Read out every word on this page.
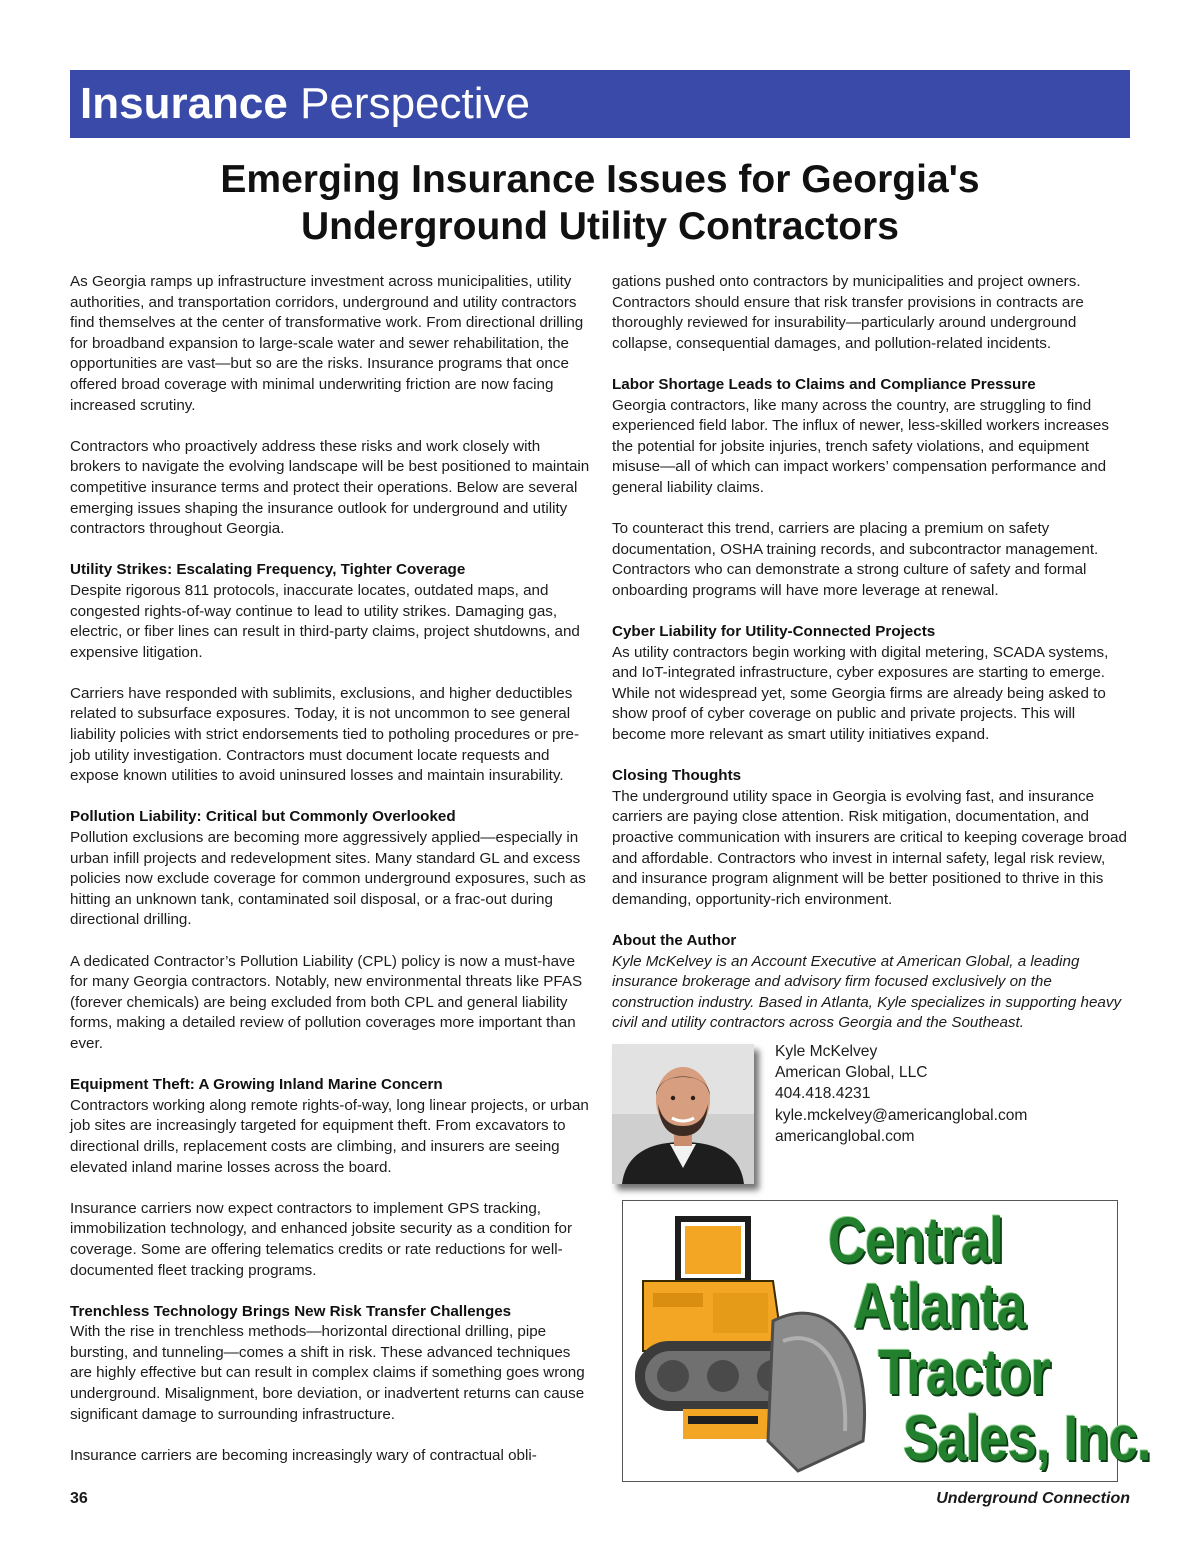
Insurance Perspective
Emerging Insurance Issues for Georgia's
Underground Utility Contractors

As Georgia ramps up infrastructure investment across municipalities, utility authorities, and transportation corridors, underground and utility contractors find themselves at the center of transformative work. From directional drilling for broadband expansion to large-scale water and sewer rehabilitation, the opportunities are vast—but so are the risks. Insurance programs that once offered broad coverage with minimal underwriting friction are now facing increased scrutiny.

Contractors who proactively address these risks and work closely with brokers to navigate the evolving landscape will be best positioned to maintain competitive insurance terms and protect their operations. Below are several emerging issues shaping the insurance outlook for underground and utility contractors throughout Georgia.

Utility Strikes: Escalating Frequency, Tighter Coverage

Despite rigorous 811 protocols, inaccurate locates, outdated maps, and congested rights-of-way continue to lead to utility strikes. Damaging gas, electric, or fiber lines can result in third-party claims, project shutdowns, and expensive litigation.

Carriers have responded with sublimits, exclusions, and higher deductibles related to subsurface exposures. Today, it is not uncommon to see general liability policies with strict endorsements tied to potholing procedures or pre-job utility investigation. Contractors must document locate requests and expose known utilities to avoid uninsured losses and maintain insurability.

Pollution Liability: Critical but Commonly Overlooked

Pollution exclusions are becoming more aggressively applied—especially in urban infill projects and redevelopment sites. Many standard GL and excess policies now exclude coverage for common underground exposures, such as hitting an unknown tank, contaminated soil disposal, or a frac-out during directional drilling.

A dedicated Contractor’s Pollution Liability (CPL) policy is now a must-have for many Georgia contractors. Notably, new environmental threats like PFAS (forever chemicals) are being excluded from both CPL and general liability forms, making a detailed review of pollution coverages more important than ever.

Equipment Theft: A Growing Inland Marine Concern

Contractors working along remote rights-of-way, long linear projects, or urban job sites are increasingly targeted for equipment theft. From excavators to directional drills, replacement costs are climbing, and insurers are seeing elevated inland marine losses across the board.

Insurance carriers now expect contractors to implement GPS tracking, immobilization technology, and enhanced jobsite security as a condition for coverage. Some are offering telematics credits or rate reductions for well-documented fleet tracking programs.

Trenchless Technology Brings New Risk Transfer Challenges

With the rise in trenchless methods—horizontal directional drilling, pipe bursting, and tunneling—comes a shift in risk. These advanced techniques are highly effective but can result in complex claims if something goes wrong underground. Misalignment, bore deviation, or inadvertent returns can cause significant damage to surrounding infrastructure.

Insurance carriers are becoming increasingly wary of contractual obli-

gations pushed onto contractors by municipalities and project owners. Contractors should ensure that risk transfer provisions in contracts are thoroughly reviewed for insurability—particularly around underground collapse, consequential damages, and pollution-related incidents.

Labor Shortage Leads to Claims and Compliance Pressure

Georgia contractors, like many across the country, are struggling to find experienced field labor. The influx of newer, less-skilled workers increases the potential for jobsite injuries, trench safety violations, and equipment misuse—all of which can impact workers’ compensation performance and general liability claims.

To counteract this trend, carriers are placing a premium on safety documentation, OSHA training records, and subcontractor management. Contractors who can demonstrate a strong culture of safety and formal onboarding programs will have more leverage at renewal.

Cyber Liability for Utility-Connected Projects

As utility contractors begin working with digital metering, SCADA systems, and IoT-integrated infrastructure, cyber exposures are starting to emerge. While not widespread yet, some Georgia firms are already being asked to show proof of cyber coverage on public and private projects. This will become more relevant as smart utility initiatives expand.

Closing Thoughts

The underground utility space in Georgia is evolving fast, and insurance carriers are paying close attention. Risk mitigation, documentation, and proactive communication with insurers are critical to keeping coverage broad and affordable. Contractors who invest in internal safety, legal risk review, and insurance program alignment will be better positioned to thrive in this demanding, opportunity-rich environment.

About the Author

Kyle McKelvey is an Account Executive at American Global, a leading insurance brokerage and advisory firm focused exclusively on the construction industry. Based in Atlanta, Kyle specializes in supporting heavy civil and utility contractors across Georgia and the Southeast.

Kyle McKelvey
American Global, LLC
404.418.4231
kyle.mckelvey@americanglobal.com
americanglobal.com
Central
Atlanta
Tractor
Sales, Inc.
36	Underground Connection
